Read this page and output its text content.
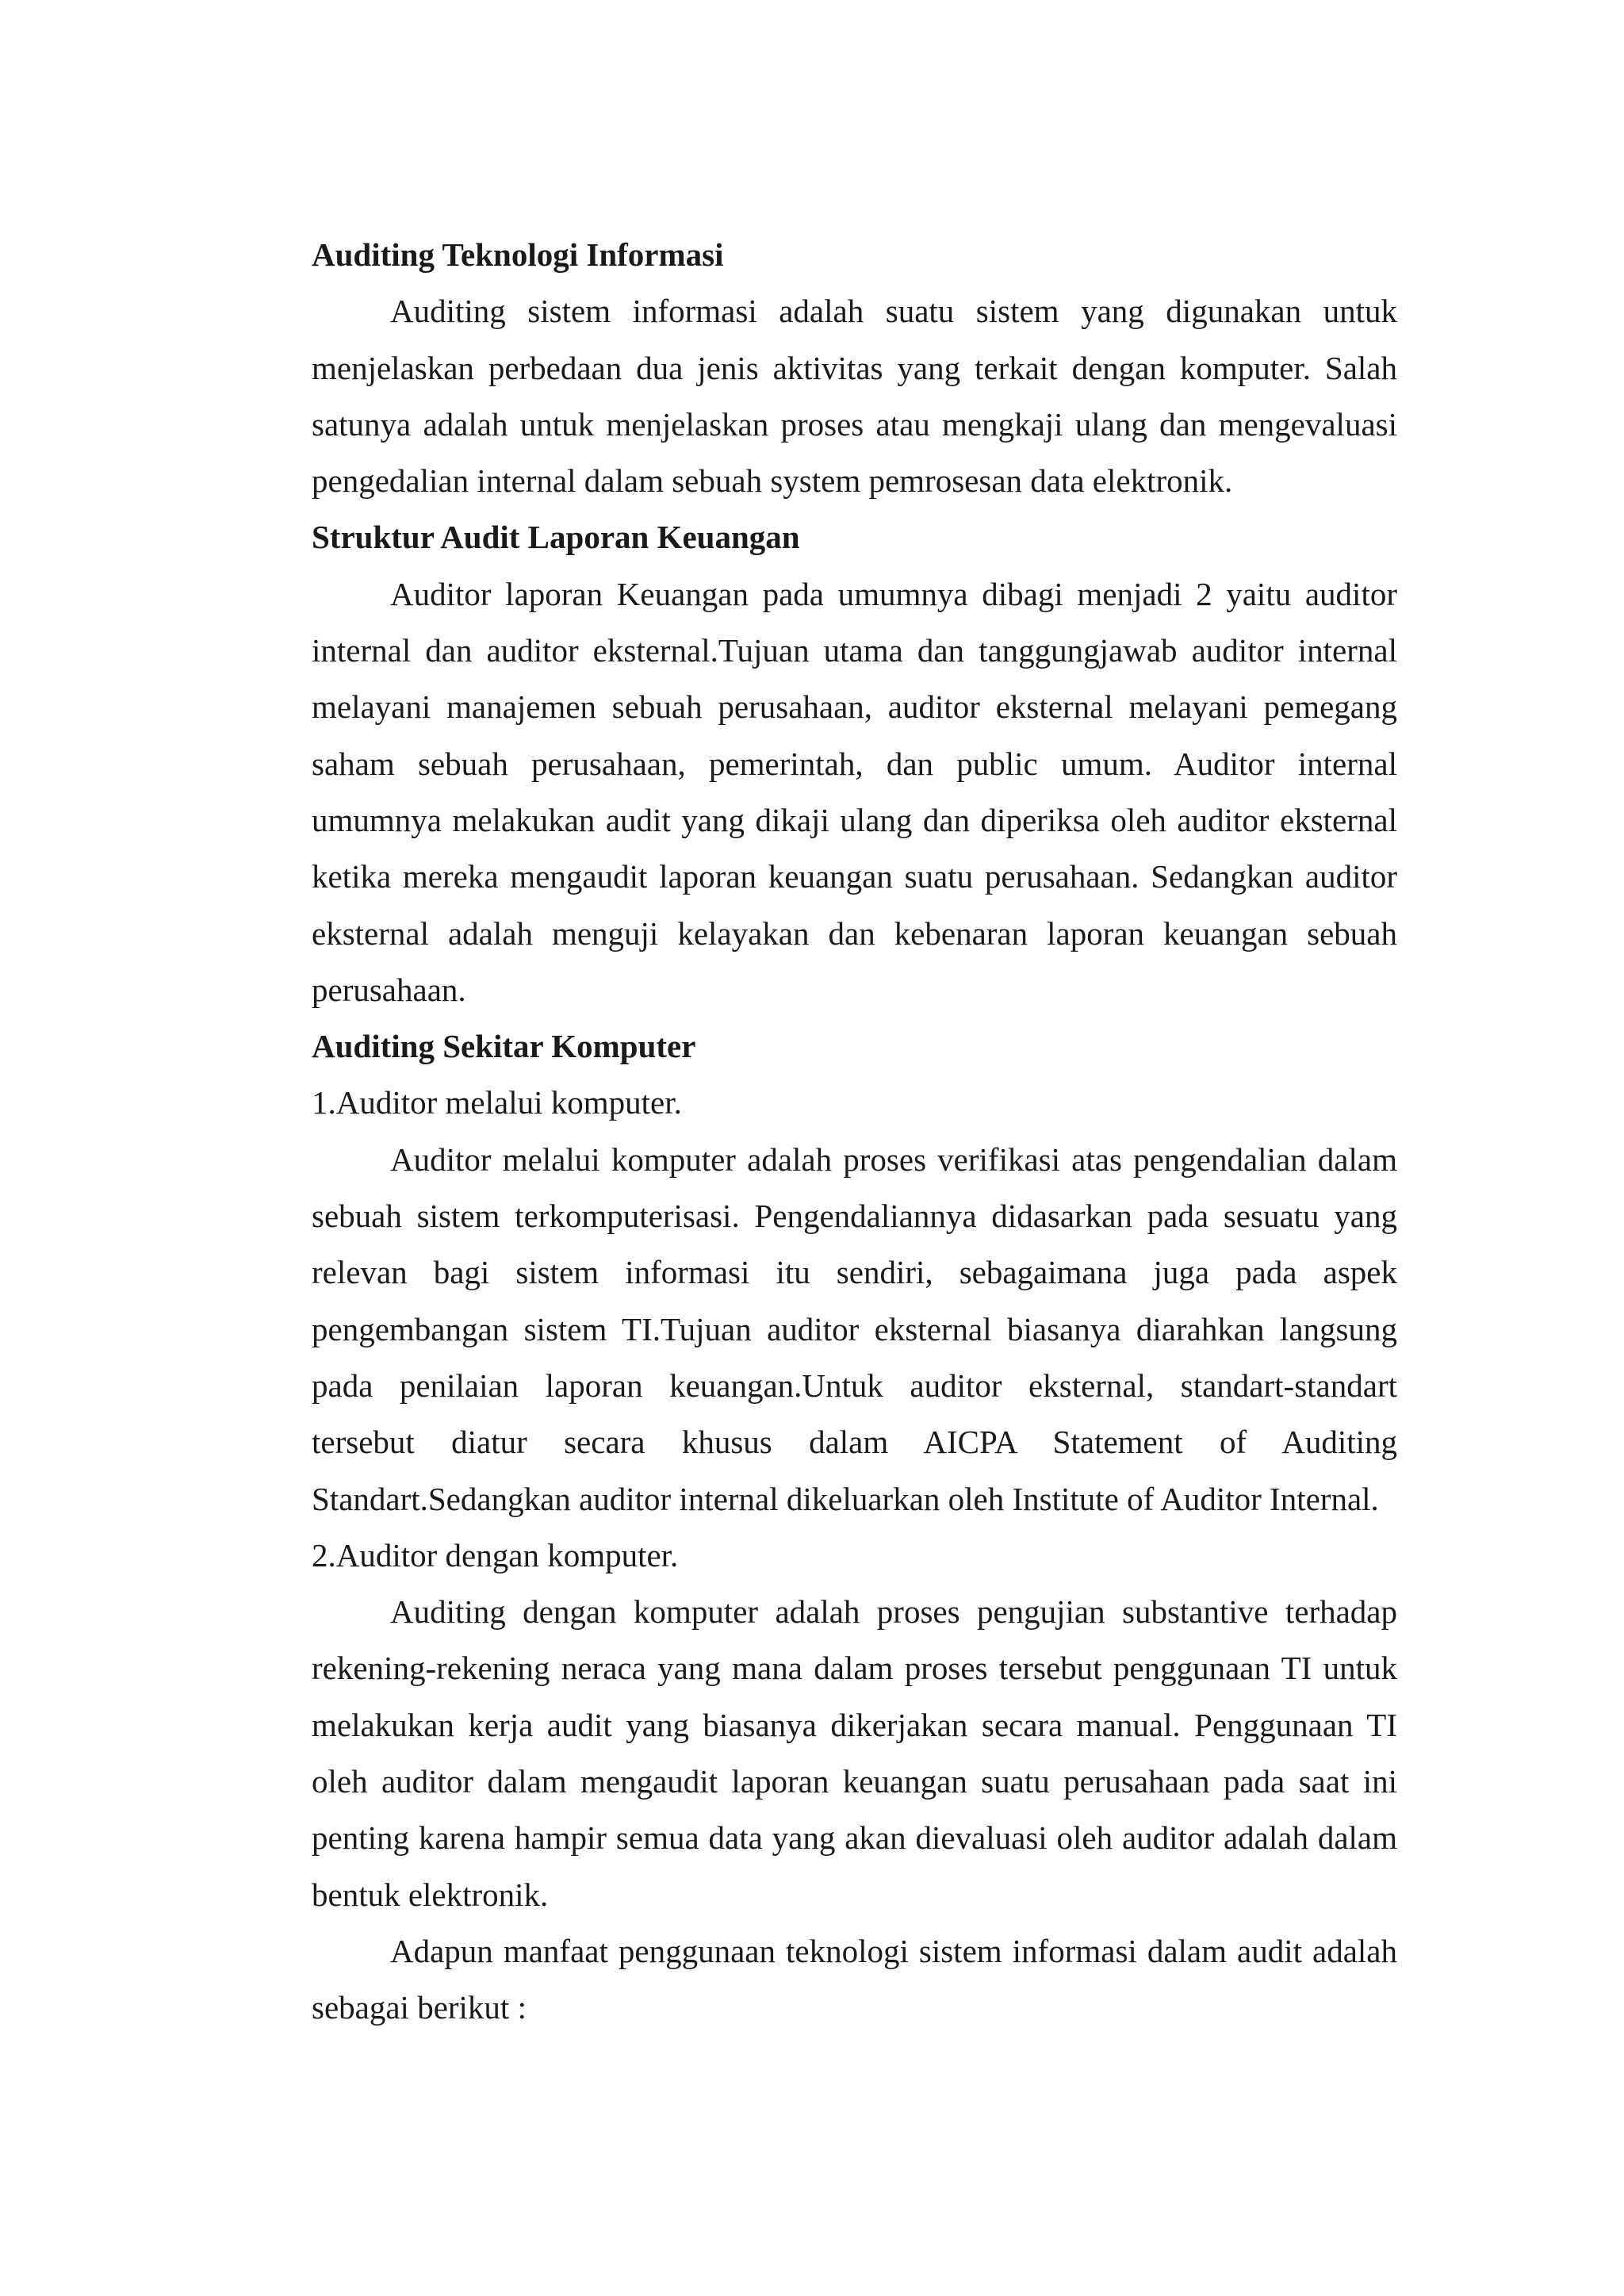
Auditing Teknologi Informasi

Auditing sistem informasi adalah suatu sistem yang digunakan untuk menjelaskan perbedaan dua jenis aktivitas yang terkait dengan komputer. Salah satunya adalah untuk menjelaskan proses atau mengkaji ulang dan mengevaluasi pengedalian internal dalam sebuah system pemrosesan data elektronik.

Struktur Audit Laporan Keuangan

Auditor laporan Keuangan pada umumnya dibagi menjadi 2 yaitu auditor internal dan auditor eksternal.Tujuan utama dan tanggungjawab auditor internal melayani manajemen sebuah perusahaan, auditor eksternal melayani pemegang saham sebuah perusahaan, pemerintah, dan public umum. Auditor internal umumnya melakukan audit yang dikaji ulang dan diperiksa oleh auditor eksternal ketika mereka mengaudit laporan keuangan suatu perusahaan. Sedangkan auditor eksternal adalah menguji kelayakan dan kebenaran laporan keuangan sebuah perusahaan.

Auditing Sekitar Komputer

1.Auditor melalui komputer.

Auditor melalui komputer adalah proses verifikasi atas pengendalian dalam sebuah sistem terkomputerisasi. Pengendaliannya didasarkan pada sesuatu yang relevan bagi sistem informasi itu sendiri, sebagaimana juga pada aspek pengembangan sistem TI.Tujuan auditor eksternal biasanya diarahkan langsung pada penilaian laporan keuangan.Untuk auditor eksternal, standart-standart tersebut diatur secara khusus dalam AICPA Statement of Auditing Standart.Sedangkan auditor internal dikeluarkan oleh Institute of Auditor Internal.

2.Auditor dengan komputer.

Auditing dengan komputer adalah proses pengujian substantive terhadap rekening-rekening neraca yang mana dalam proses tersebut penggunaan TI untuk melakukan kerja audit yang biasanya dikerjakan secara manual. Penggunaan TI oleh auditor dalam mengaudit laporan keuangan suatu perusahaan pada saat ini penting karena hampir semua data yang akan dievaluasi oleh auditor adalah dalam bentuk elektronik.

Adapun manfaat penggunaan teknologi sistem informasi dalam audit adalah sebagai berikut :
